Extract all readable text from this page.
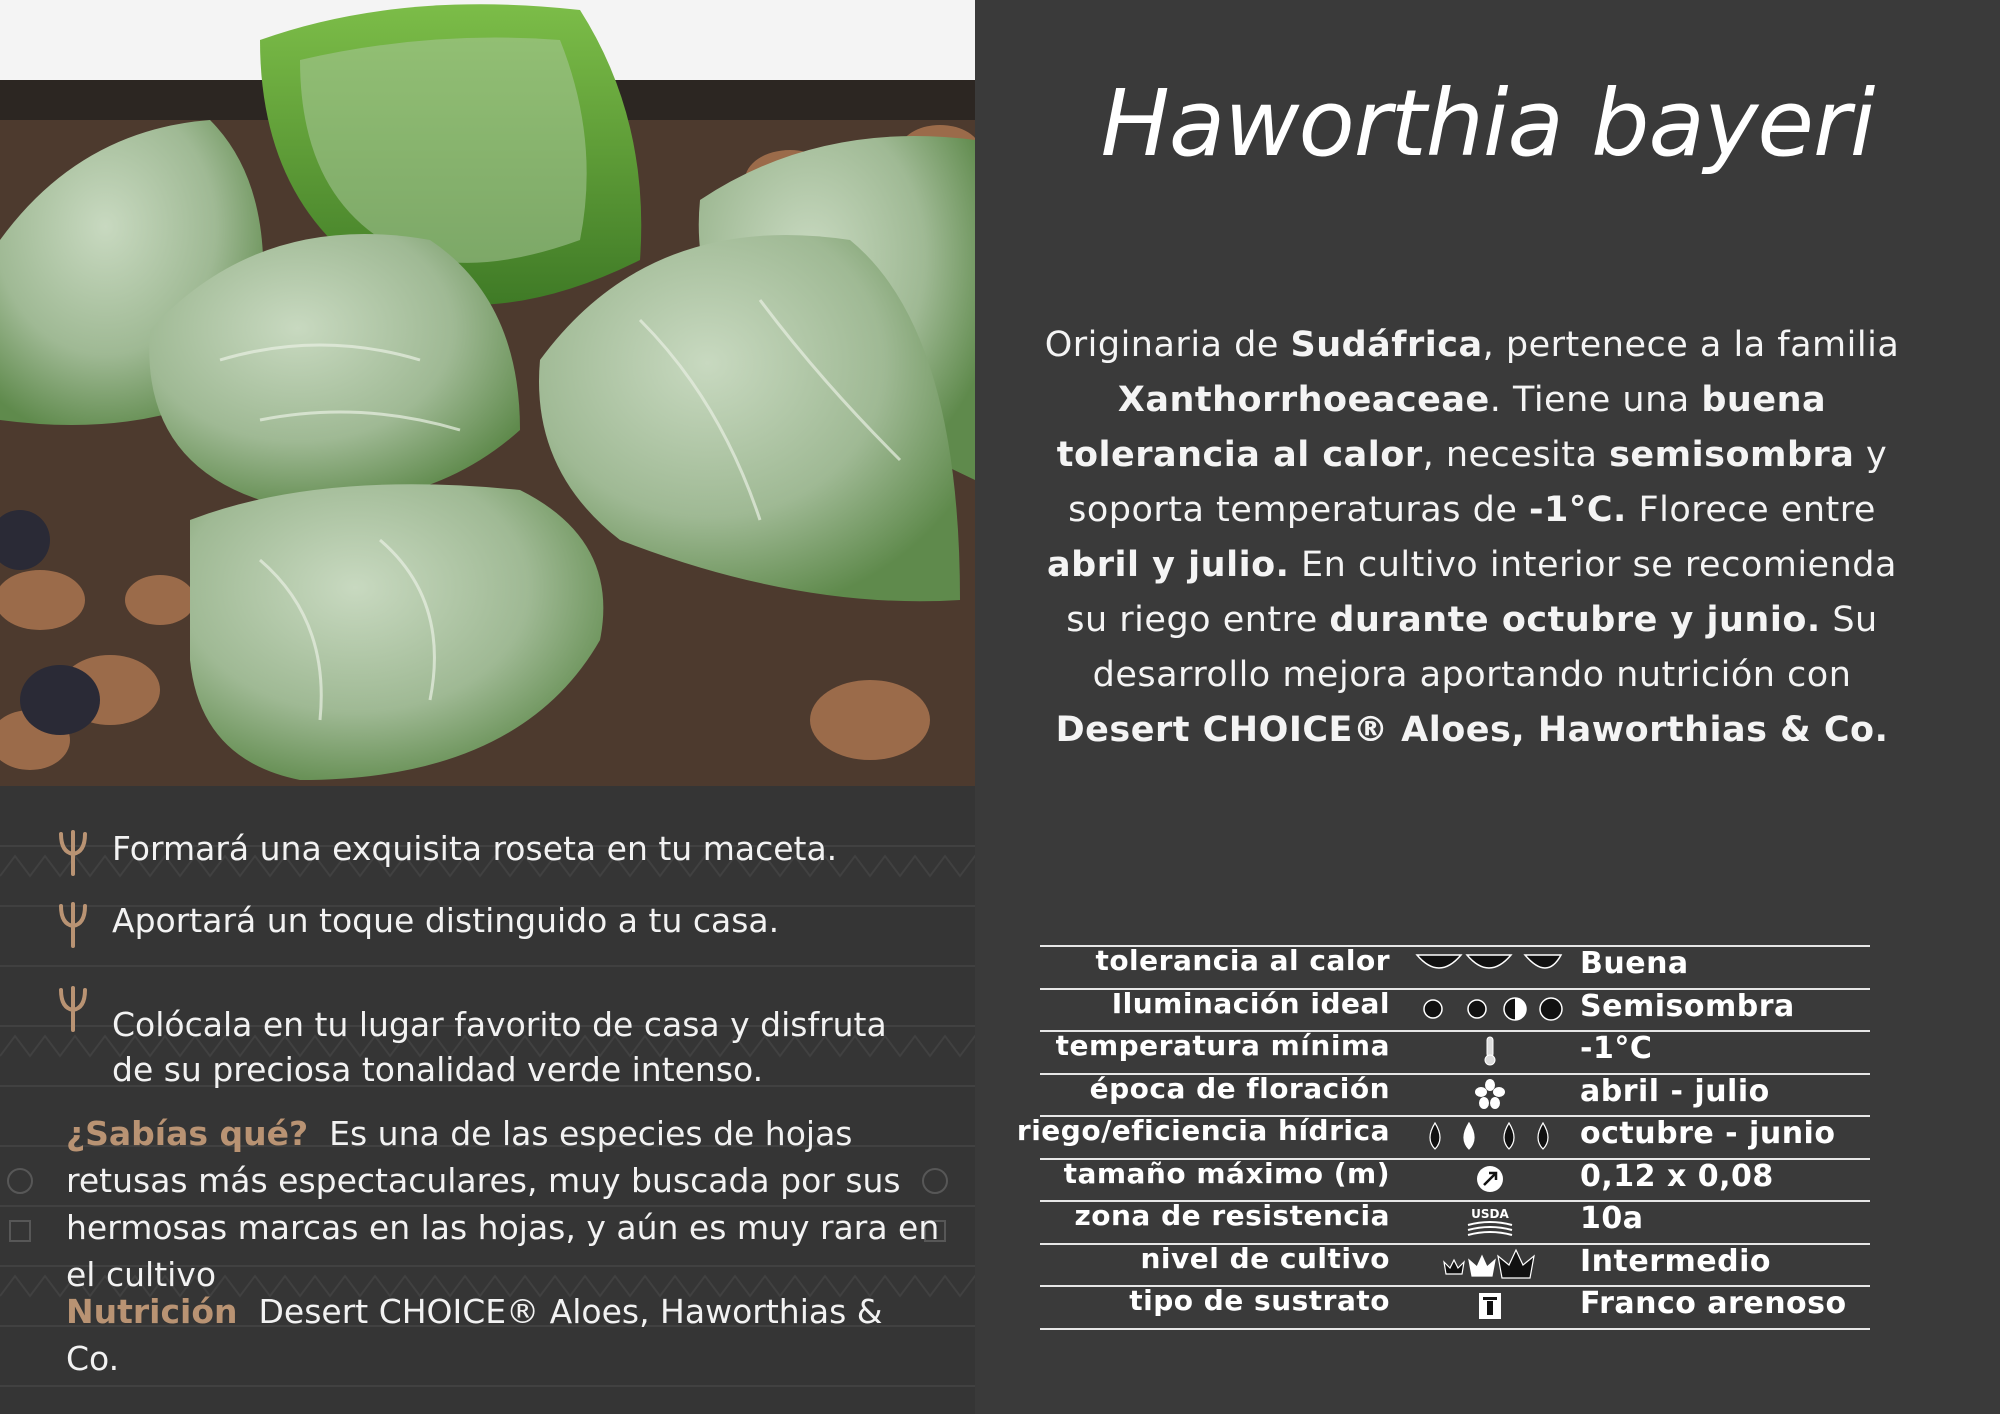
Formará una exquisita roseta en tu maceta.
Aportará un toque distinguido a tu casa.
Colócala en tu lugar favorito de casa y disfruta de su preciosa tonalidad verde intenso.
¿Sabías qué? Es una de las especies de hojas retusas más espectaculares, muy buscada por sus hermosas marcas en las hojas, y aún es muy rara en el cultivo
Nutrición Desert CHOICE® Aloes, Haworthias & Co.
Haworthia bayeri
Originaria de Sudáfrica, pertenece a la familia Xanthorrhoeaceae. Tiene una buena tolerancia al calor, necesita semisombra y soporta temperaturas de -1°C. Florece entre abril y julio. En cultivo interior se recomienda su riego entre durante octubre y junio. Su desarrollo mejora aportando nutrición con Desert CHOICE® Aloes, Haworthias & Co.
tolerancia al calor	Buena
Iluminación ideal	Semisombra
temperatura mínima	-1°C
época de floración	abril - julio
riego/eficiencia hídrica	octubre - junio
tamaño máximo (m)	0,12 x 0,08
zona de resistencia	USDA 10a
nivel de cultivo	Intermedio
tipo de sustrato	Franco arenoso
